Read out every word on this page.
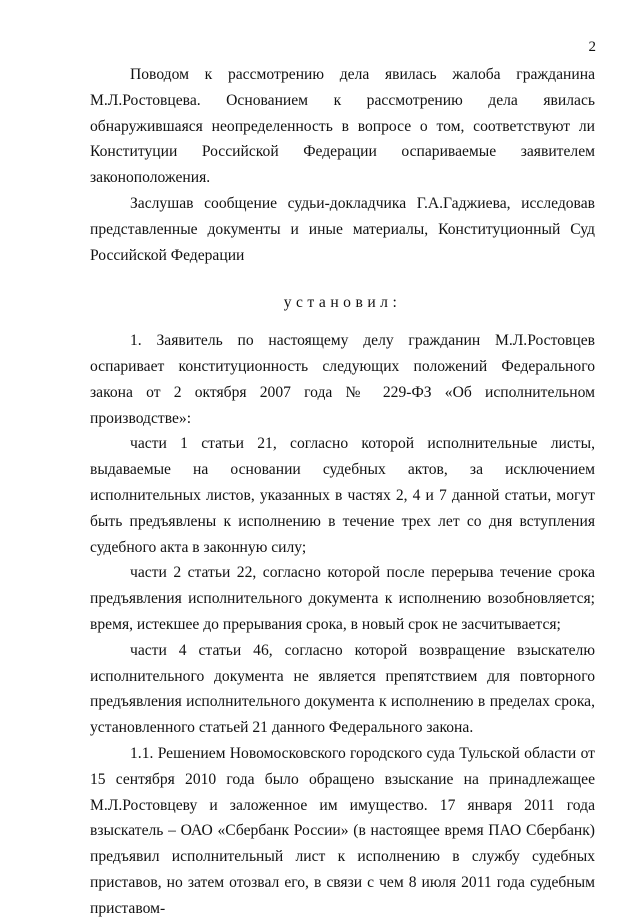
2

Поводом к рассмотрению дела явилась жалоба гражданина М.Л.Ростовцева. Основанием к рассмотрению дела явилась обнаружившаяся неопределенность в вопросе о том, соответствуют ли Конституции Российской Федерации оспариваемые заявителем законоположения.

Заслушав сообщение судьи-докладчика Г.А.Гаджиева, исследовав представленные документы и иные материалы, Конституционный Суд Российской Федерации

установил:

1. Заявитель по настоящему делу гражданин М.Л.Ростовцев оспаривает конституционность следующих положений Федерального закона от 2 октября 2007 года № 229-ФЗ «Об исполнительном производстве»:

части 1 статьи 21, согласно которой исполнительные листы, выдаваемые на основании судебных актов, за исключением исполнительных листов, указанных в частях 2, 4 и 7 данной статьи, могут быть предъявлены к исполнению в течение трех лет со дня вступления судебного акта в законную силу;

части 2 статьи 22, согласно которой после перерыва течение срока предъявления исполнительного документа к исполнению возобновляется; время, истекшее до прерывания срока, в новый срок не засчитывается;

части 4 статьи 46, согласно которой возвращение взыскателю исполнительного документа не является препятствием для повторного предъявления исполнительного документа к исполнению в пределах срока, установленного статьей 21 данного Федерального закона.

1.1. Решением Новомосковского городского суда Тульской области от 15 сентября 2010 года было обращено взыскание на принадлежащее М.Л.Ростовцеву и заложенное им имущество. 17 января 2011 года взыскатель – ОАО «Сбербанк России» (в настоящее время ПАО Сбербанк) предъявил исполнительный лист к исполнению в службу судебных приставов, но затем отозвал его, в связи с чем 8 июля 2011 года судебным приставом-
